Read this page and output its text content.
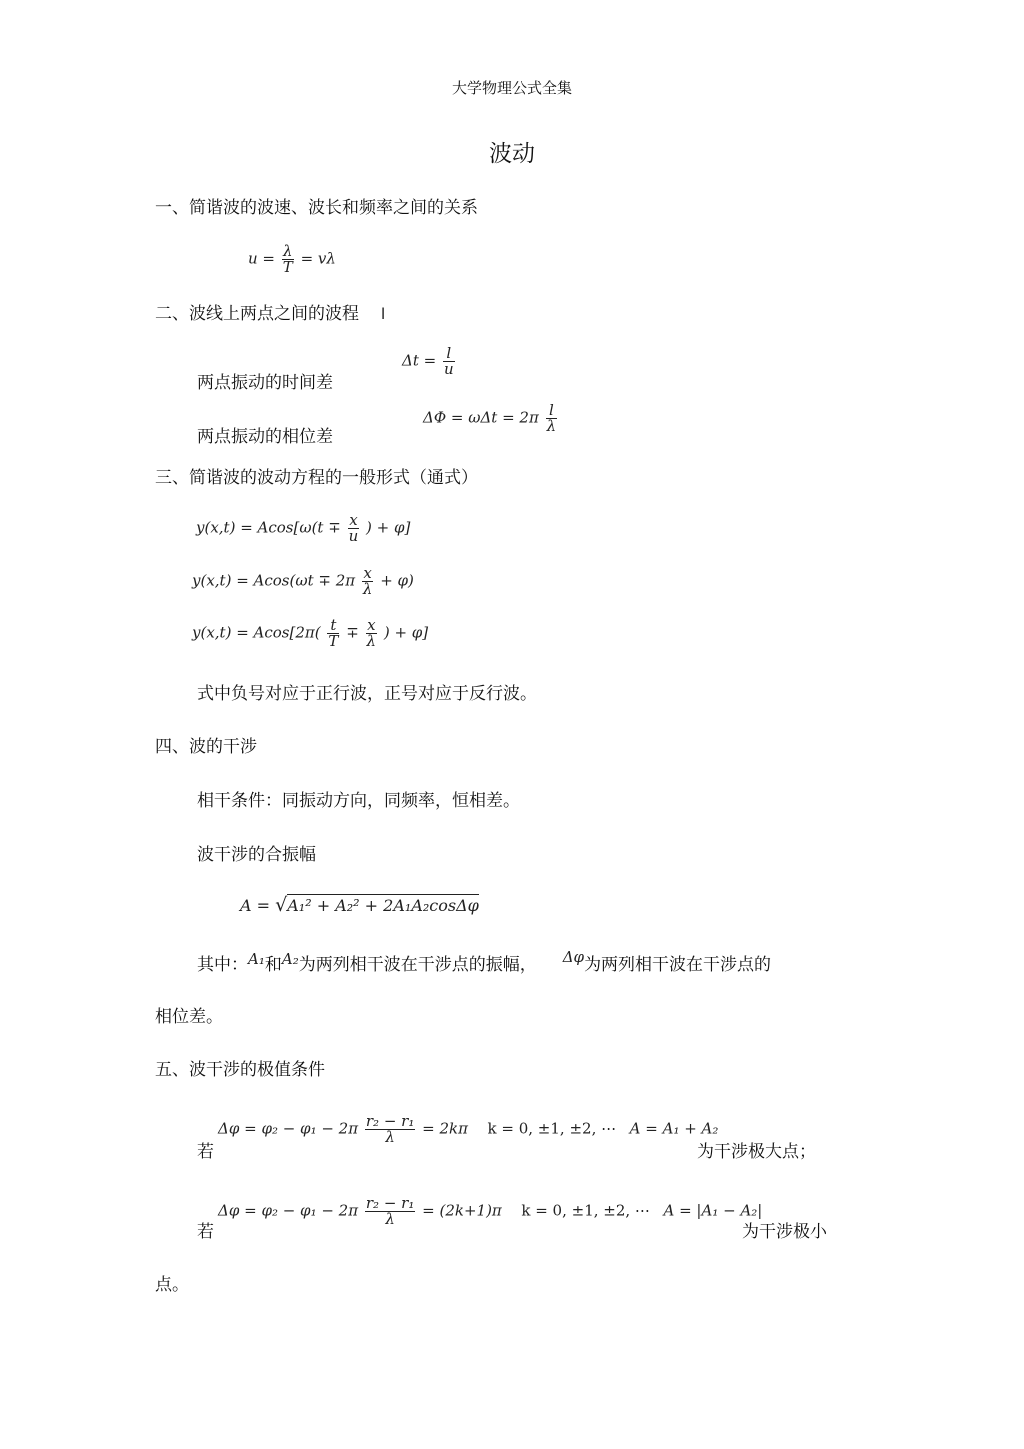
大学物理公式全集
波动
一、简谐波的波速、波长和频率之间的关系
$u = \frac{\lambda}{T} = v\lambda$
二、波线上两点之间的波程 l
$\Delta t = \frac{l}{u}$
两点振动的时间差
$\Delta\Phi = \omega\Delta t = 2\pi \frac{l}{\lambda}$
两点振动的相位差
三、简谐波的波动方程的一般形式（通式）
$y(x,t) = Acos[\omega(t \mp \frac{x}{u}$ ) + φ]
$y(x,t) = Acos(\omega t \mp 2\pi \frac{x}{\lambda} + \varphi)$
$y(x,t) = Acos[2\pi( \frac{t}{T} \mp \frac{x}{\lambda}$ ) + φ]
式中负号对应于正行波，正号对应于反行波。
四、波的干涉
相干条件：同振动方向，同频率，恒相差。
波干涉的合振幅
A = √A₁² + A₂² + 2A₁A₂cosΔφ
其中：A₁和A₂为两列相干波在干涉点的振幅， Δφ为两列相干波在干涉点的
相位差。
五、波干涉的极值条件
$\Delta\varphi = \varphi_2 - \varphi_1 - 2\pi \frac{\text{r₂ − r₁}}{\lambda} = 2k\pi$ k = 0, ±1, ±2, ⋯ A = A₁ + A₂
若	为干涉极大点；
$\Delta\varphi = \varphi_2 - \varphi_1 - 2\pi \frac{\text{r₂ − r₁}}{\lambda} = (2k+1)\pi$ k = 0, ±1, ±2, ⋯ A = |A₁ − A₂|
若	为干涉极小
点。
